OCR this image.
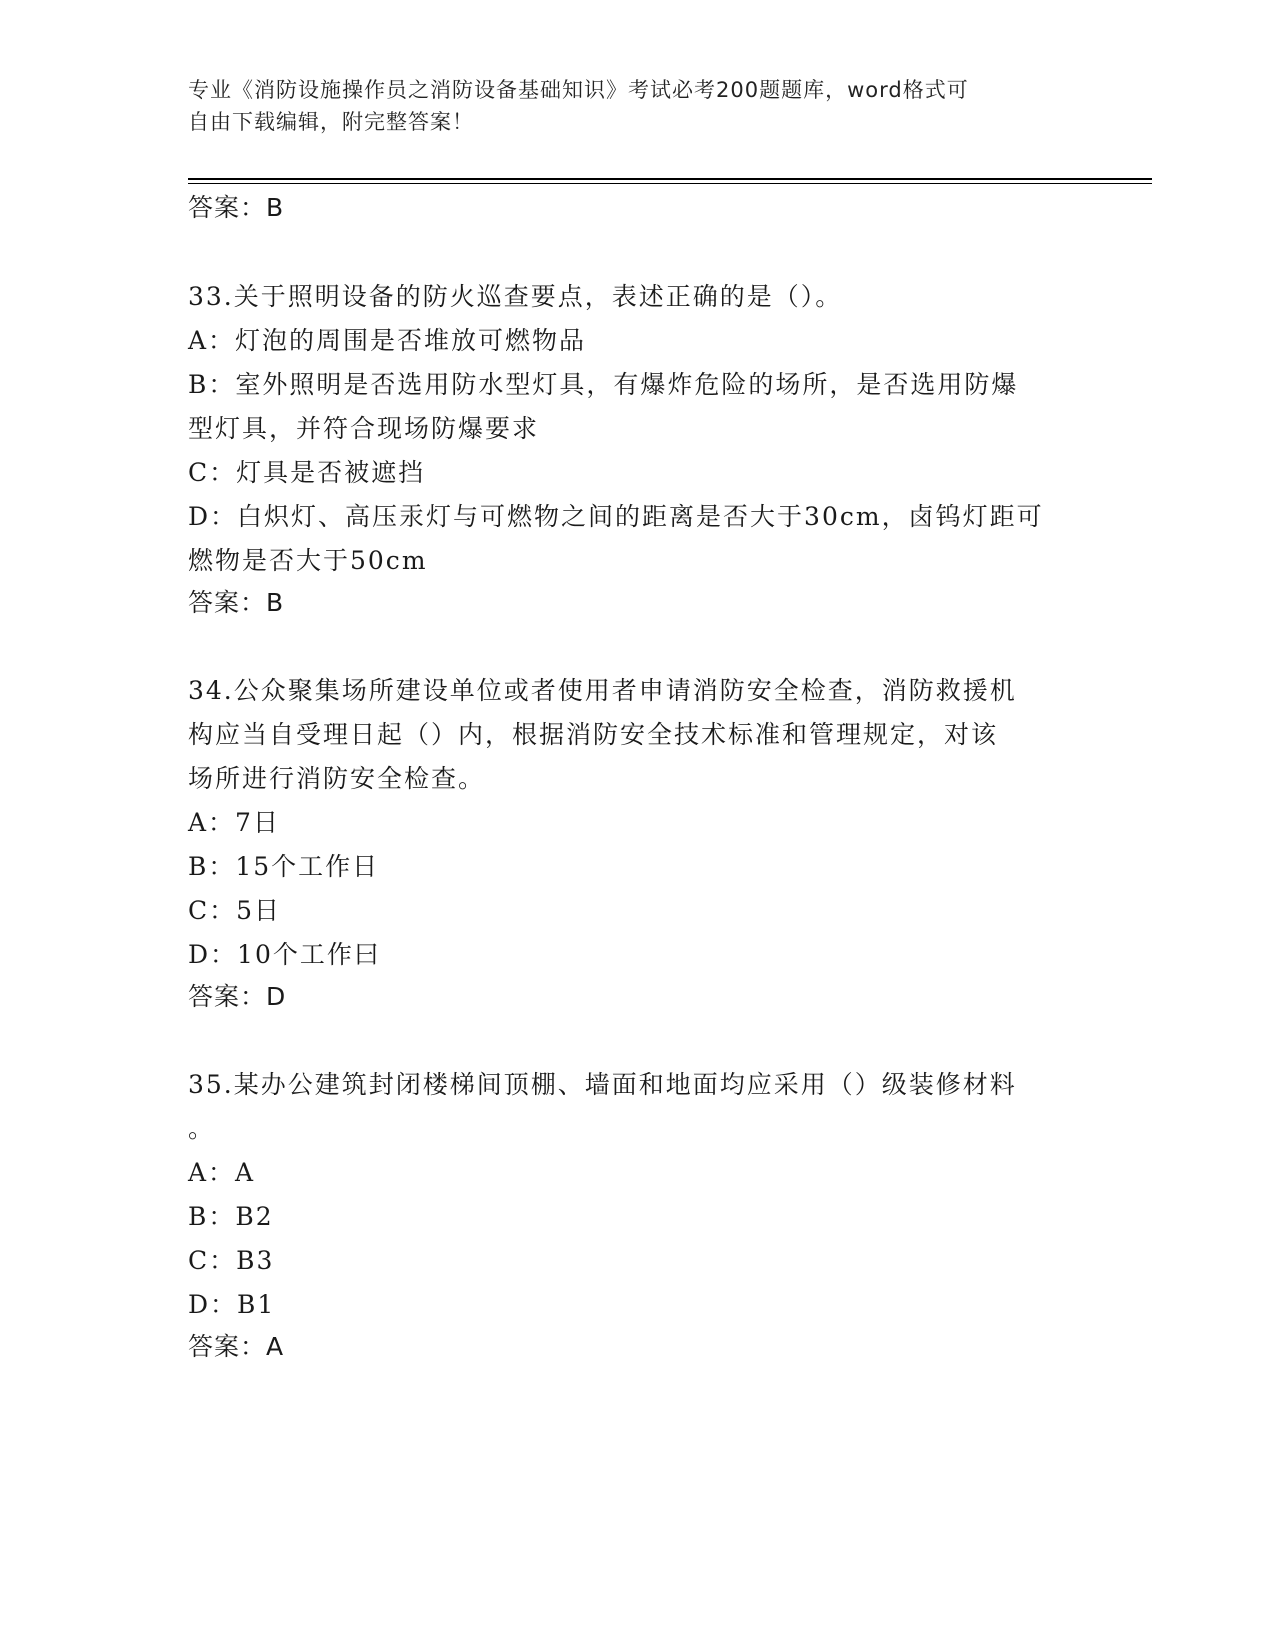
专业《消防设施操作员之消防设备基础知识》考试必考200题题库，word格式可
自由下载编辑，附完整答案！
答案：B
33.关于照明设备的防火巡查要点，表述正确的是（）。
A：灯泡的周围是否堆放可燃物品
B：室外照明是否选用防水型灯具，有爆炸危险的场所，是否选用防爆
型灯具，并符合现场防爆要求
C：灯具是否被遮挡
D：白炽灯、高压汞灯与可燃物之间的距离是否大于30cm，卤钨灯距可
燃物是否大于50cm
答案：B
34.公众聚集场所建设单位或者使用者申请消防安全检查，消防救援机
构应当自受理日起（）内，根据消防安全技术标准和管理规定，对该
场所进行消防安全检查。
A：7日
B：15个工作日
C：5日
D：10个工作曰
答案：D
35.某办公建筑封闭楼梯间顶棚、墙面和地面均应采用（）级装修材料
。
A：A
B：B2
C：B3
D：B1
答案：A
